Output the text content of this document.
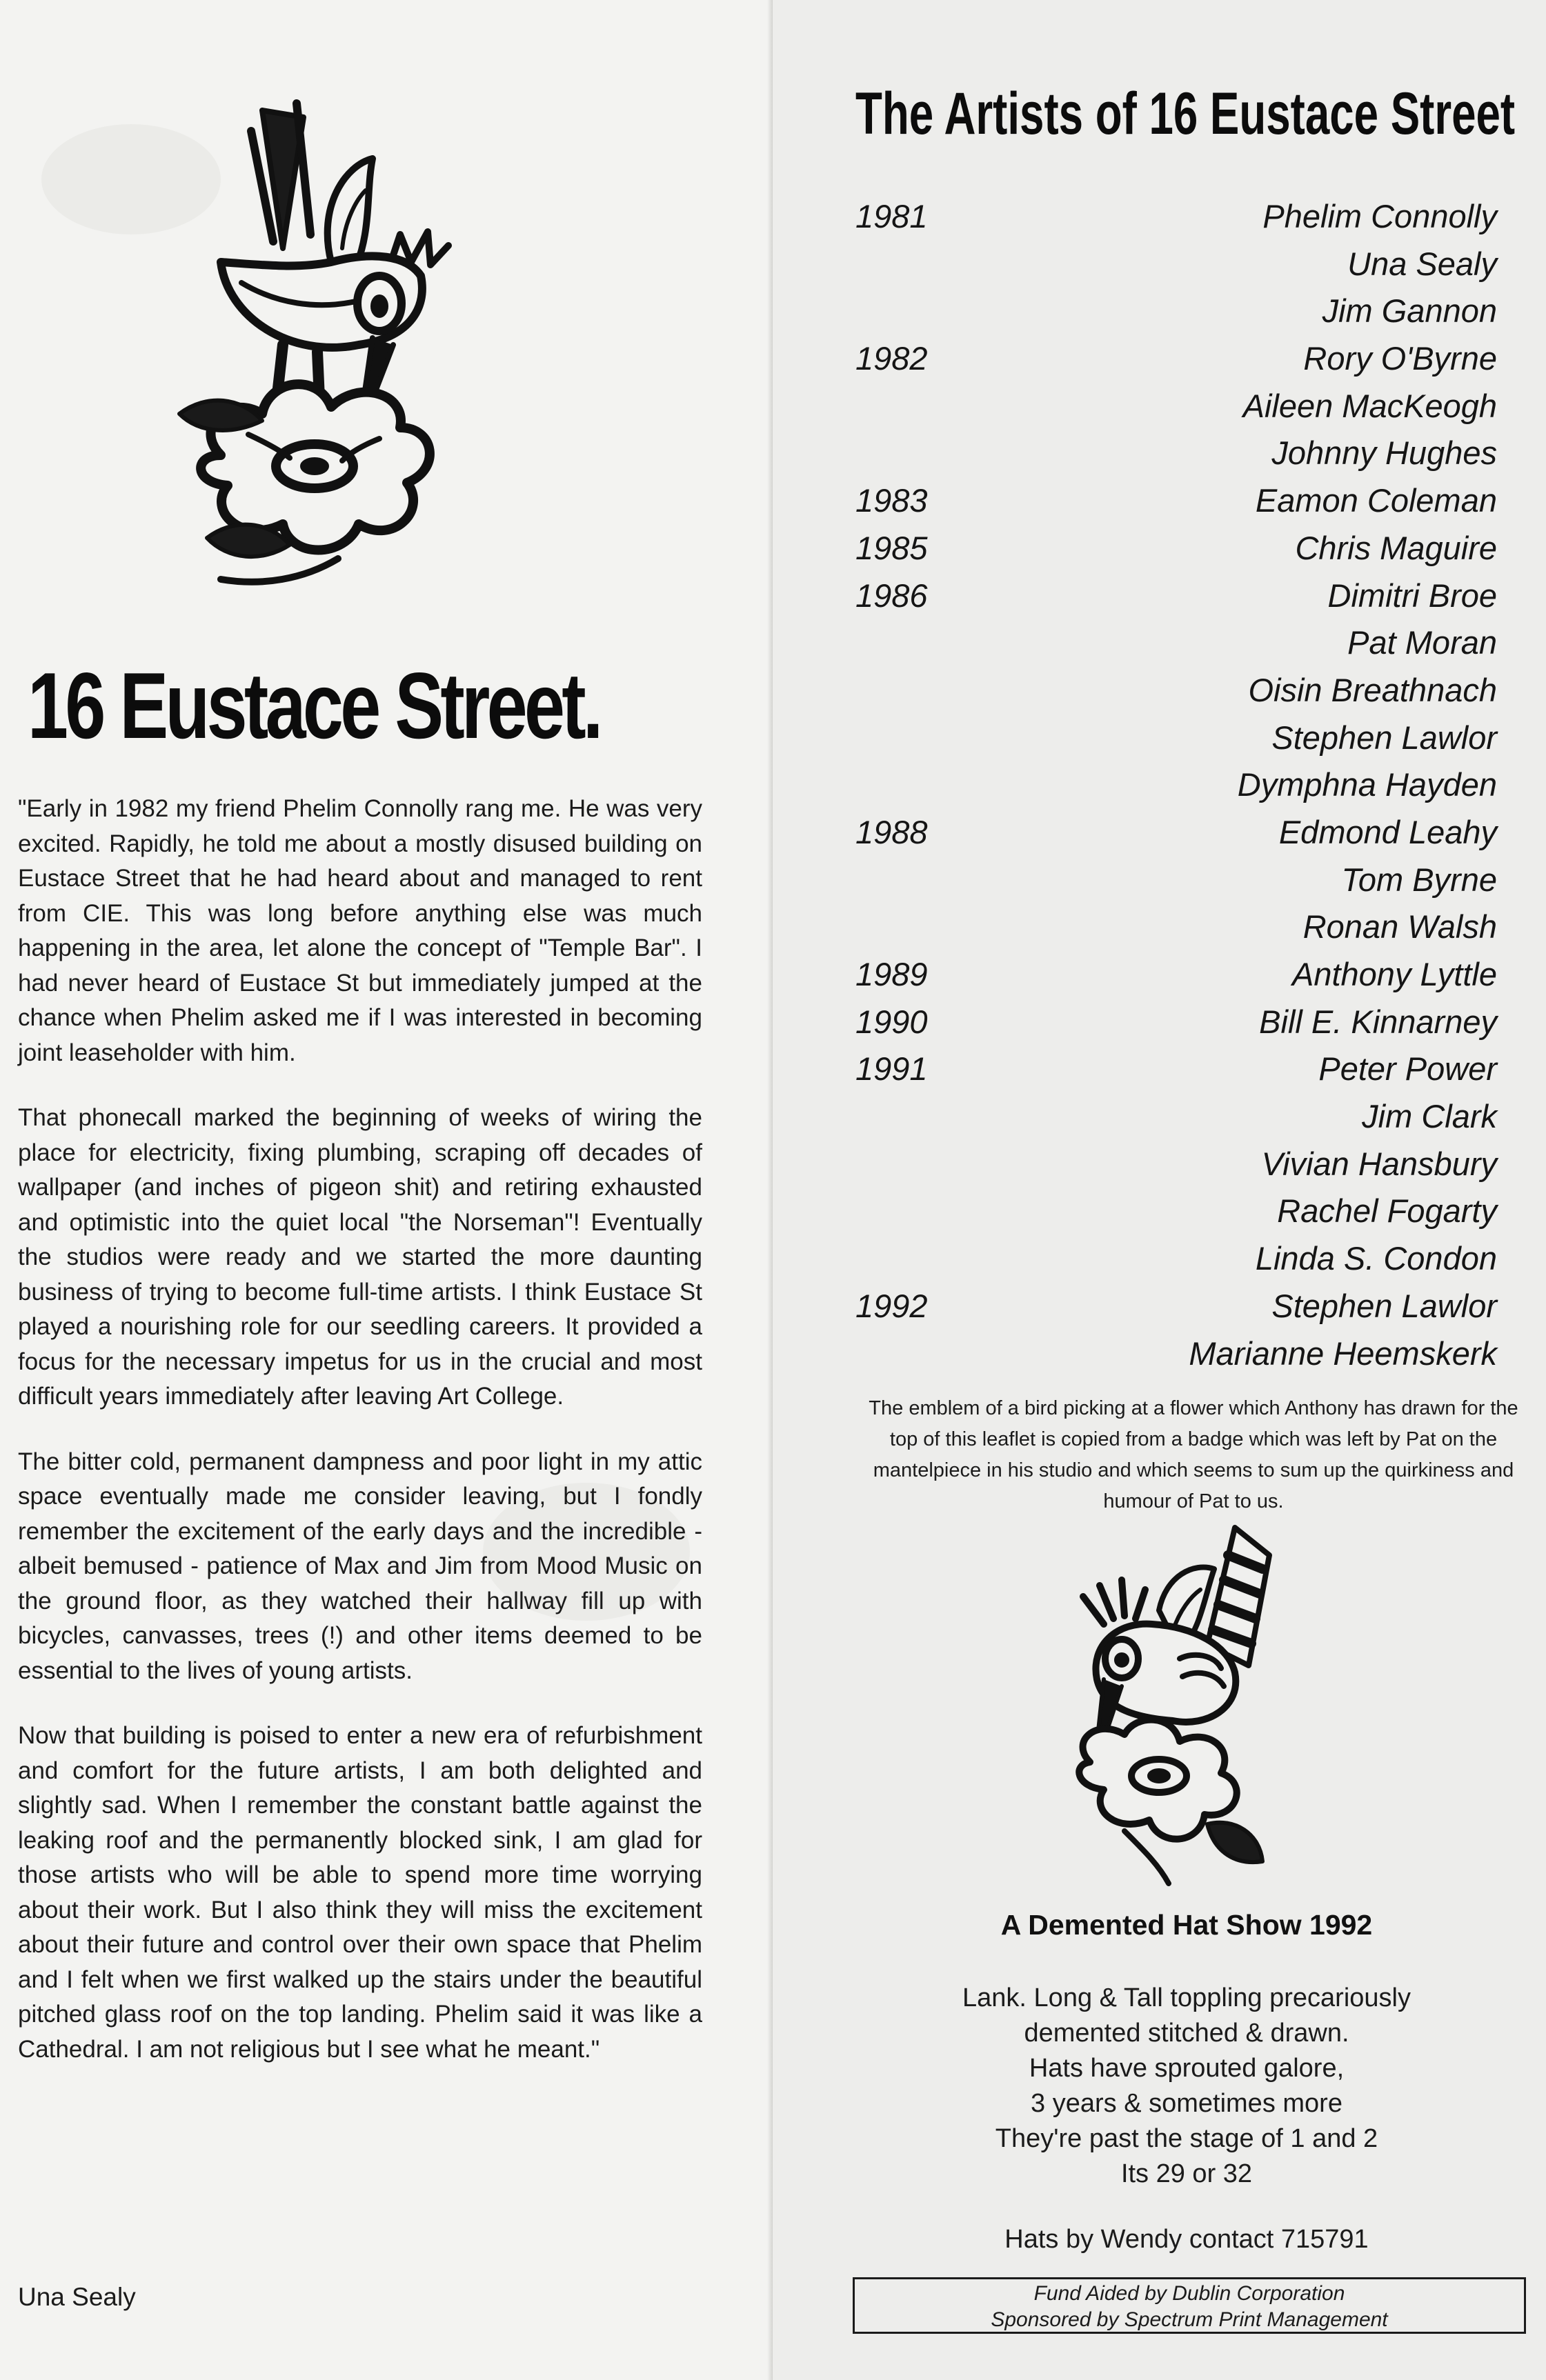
16 Eustace Street.

"Early in 1982 my friend Phelim Connolly rang me. He was very excited. Rapidly, he told me about a mostly disused building on Eustace Street that he had heard about and managed to rent from CIE. This was long before anything else was much happening in the area, let alone the concept of "Temple Bar". I had never heard of Eustace St but immediately jumped at the chance when Phelim asked me if I was interested in becoming joint leaseholder with him.

That phonecall marked the beginning of weeks of wiring the place for electricity, fixing plumbing, scraping off decades of wallpaper (and inches of pigeon shit) and retiring exhausted and optimistic into the quiet local "the Norseman"! Eventually the studios were ready and we started the more daunting business of trying to become full-time artists. I think Eustace St played a nourishing role for our seedling careers. It provided a focus for the necessary impetus for us in the crucial and most difficult years immediately after leaving Art College.

The bitter cold, permanent dampness and poor light in my attic space eventually made me consider leaving, but I fondly remember the excitement of the early days and the incredible - albeit bemused - patience of Max and Jim from Mood Music on the ground floor, as they watched their hallway fill up with bicycles, canvasses, trees (!) and other items deemed to be essential to the lives of young artists.

Now that building is poised to enter a new era of refurbishment and comfort for the future artists, I am both delighted and slightly sad. When I remember the constant battle against the leaking roof and the permanently blocked sink, I am glad for those artists who will be able to spend more time worrying about their work. But I also think they will miss the excitement about their future and control over their own space that Phelim and I felt when we first walked up the stairs under the beautiful pitched glass roof on the top landing. Phelim said it was like a Cathedral. I am not religious but I see what he meant."

Una Sealy
The Artists of 16 Eustace Street
1981	Phelim Connolly
Una Sealy
Jim Gannon
1982	Rory O'Byrne
Aileen MacKeogh
Johnny Hughes
1983	Eamon Coleman
1985	Chris Maguire
1986	Dimitri Broe
Pat Moran
Oisin Breathnach
Stephen Lawlor
Dymphna Hayden
1988	Edmond Leahy
Tom Byrne
Ronan Walsh
1989	Anthony Lyttle
1990	Bill E. Kinnarney
1991	Peter Power
Jim Clark
Vivian Hansbury
Rachel Fogarty
Linda S. Condon
1992	Stephen Lawlor
Marianne Heemskerk
The emblem of a bird picking at a flower which Anthony has drawn for the top of this leaflet is copied from a badge which was left by Pat on the mantelpiece in his studio and which seems to sum up the quirkiness and humour of Pat to us.
A Demented Hat Show 1992
Lank. Long & Tall toppling precariously
demented stitched & drawn.
Hats have sprouted galore,
3 years & sometimes more
They're past the stage of 1 and 2
Its 29 or 32
Hats by Wendy contact 715791
Fund Aided by Dublin Corporation
Sponsored by Spectrum Print Management
